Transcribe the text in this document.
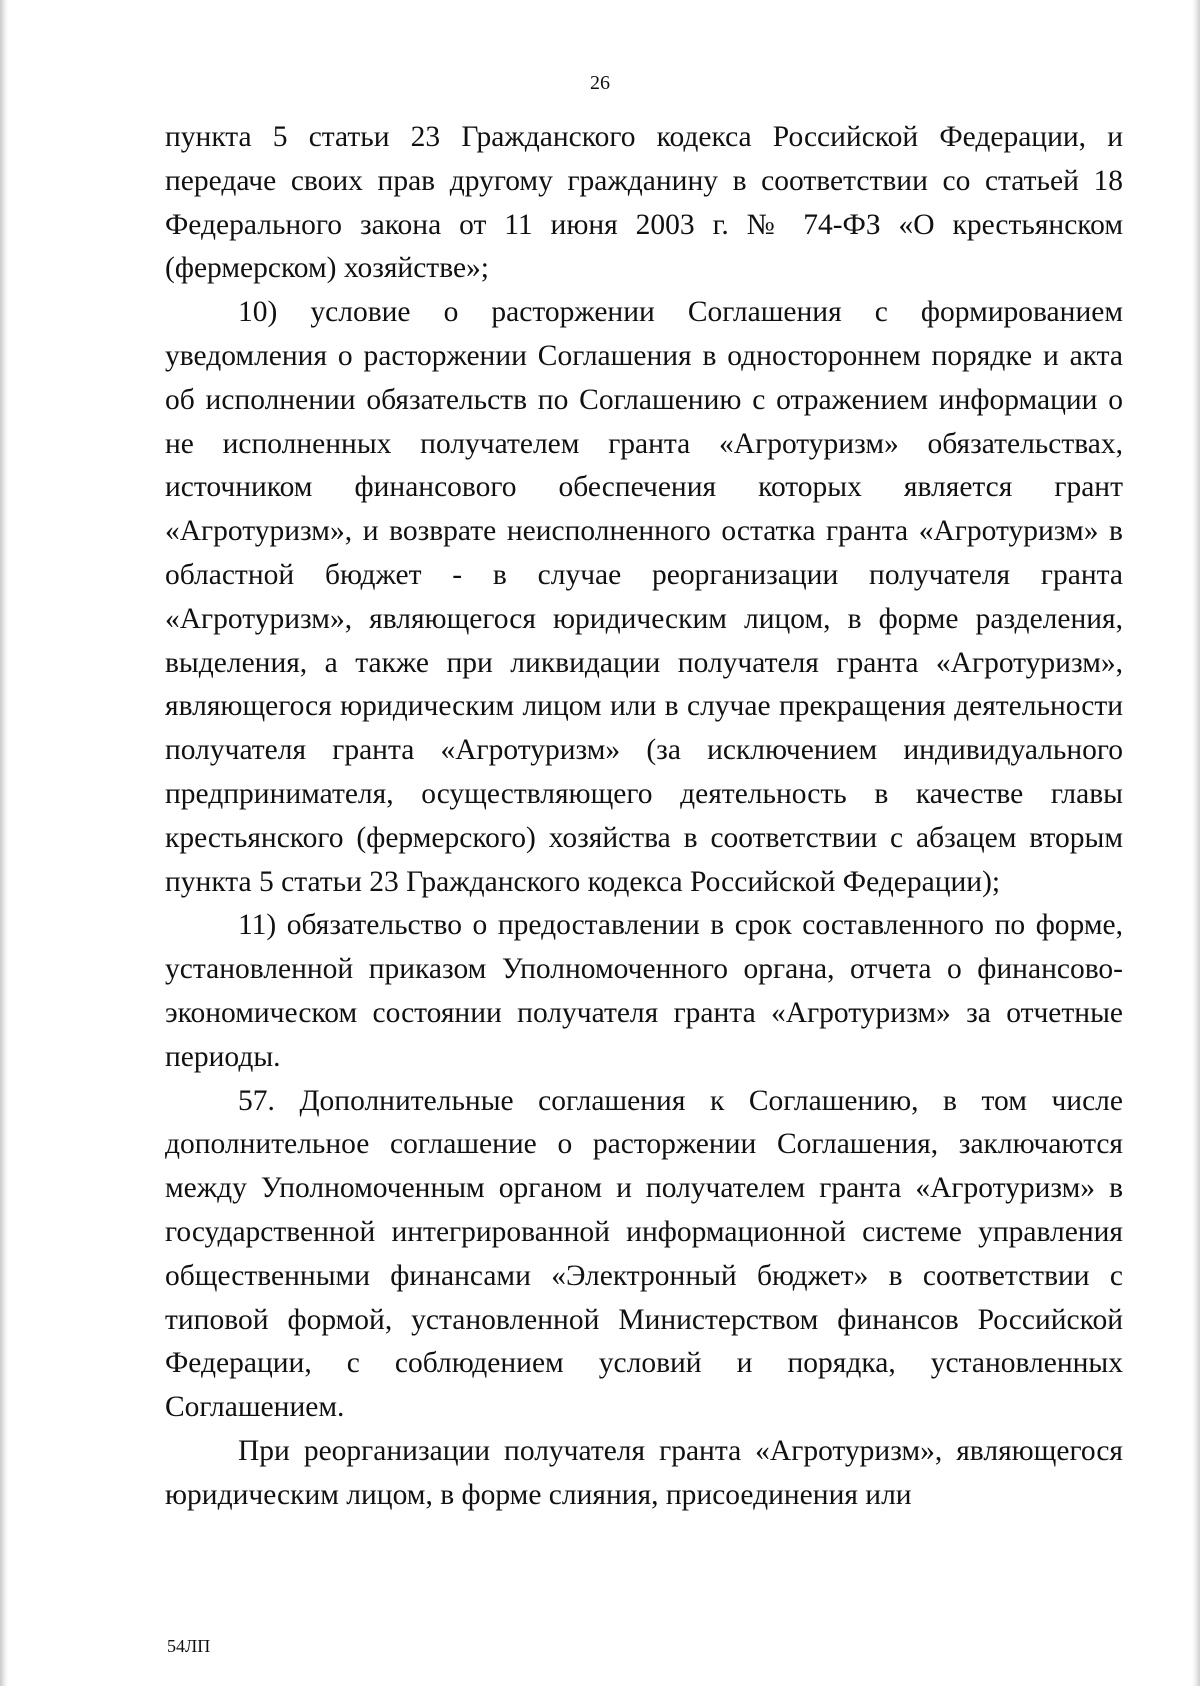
26

пункта 5 статьи 23 Гражданского кодекса Российской Федерации, и передаче своих прав другому гражданину в соответствии со статьей 18 Федерального закона от 11 июня 2003 г. № 74-ФЗ «О крестьянском (фермерском) хозяйстве»;

10) условие о расторжении Соглашения с формированием уведомления о расторжении Соглашения в одностороннем порядке и акта об исполнении обязательств по Соглашению с отражением информации о не исполненных получателем гранта «Агротуризм» обязательствах, источником финансового обеспечения которых является грант «Агротуризм», и возврате неисполненного остатка гранта «Агротуризм» в областной бюджет - в случае реорганизации получателя гранта «Агротуризм», являющегося юридическим лицом, в форме разделения, выделения, а также при ликвидации получателя гранта «Агротуризм», являющегося юридическим лицом или в случае прекращения деятельности получателя гранта «Агротуризм» (за исключением индивидуального предпринимателя, осуществляющего деятельность в качестве главы крестьянского (фермерского) хозяйства в соответствии с абзацем вторым пункта 5 статьи 23 Гражданского кодекса Российской Федерации);

11) обязательство о предоставлении в срок составленного по форме, установленной приказом Уполномоченного органа, отчета о финансово-экономическом состоянии получателя гранта «Агротуризм» за отчетные периоды.

57. Дополнительные соглашения к Соглашению, в том числе дополнительное соглашение о расторжении Соглашения, заключаются между Уполномоченным органом и получателем гранта «Агротуризм» в государственной интегрированной информационной системе управления общественными финансами «Электронный бюджет» в соответствии с типовой формой, установленной Министерством финансов Российской Федерации, с соблюдением условий и порядка, установленных Соглашением.

При реорганизации получателя гранта «Агротуризм», являющегося юридическим лицом, в форме слияния, присоединения или

54ЛП
